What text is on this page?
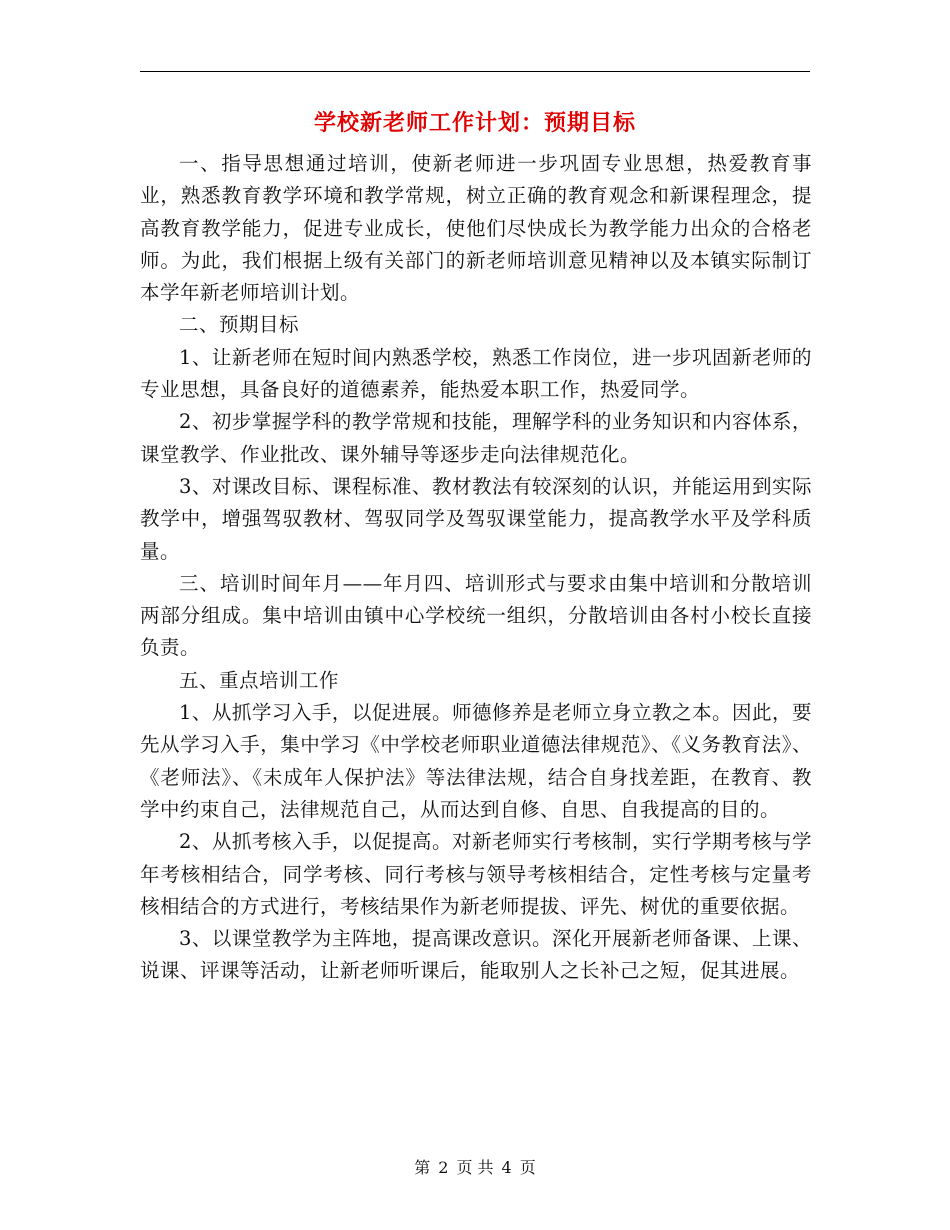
学校新老师工作计划：预期目标

一、指导思想通过培训，使新老师进一步巩固专业思想，热爱教育事业，熟悉教育教学环境和教学常规，树立正确的教育观念和新课程理念，提高教育教学能力，促进专业成长，使他们尽快成长为教学能力出众的合格老师。为此，我们根据上级有关部门的新老师培训意见精神以及本镇实际制订本学年新老师培训计划。

二、预期目标

1、让新老师在短时间内熟悉学校，熟悉工作岗位，进一步巩固新老师的专业思想，具备良好的道德素养，能热爱本职工作，热爱同学。

2、初步掌握学科的教学常规和技能，理解学科的业务知识和内容体系，课堂教学、作业批改、课外辅导等逐步走向法律规范化。

3、对课改目标、课程标准、教材教法有较深刻的认识，并能运用到实际教学中，增强驾驭教材、驾驭同学及驾驭课堂能力，提高教学水平及学科质量。

三、培训时间年月——年月四、培训形式与要求由集中培训和分散培训两部分组成。集中培训由镇中心学校统一组织，分散培训由各村小校长直接负责。

五、重点培训工作

1、从抓学习入手，以促进展。师德修养是老师立身立教之本。因此，要先从学习入手，集中学习《中学校老师职业道德法律规范》、《义务教育法》、《老师法》、《未成年人保护法》等法律法规，结合自身找差距，在教育、教学中约束自己，法律规范自己，从而达到自修、自思、自我提高的目的。

2、从抓考核入手，以促提高。对新老师实行考核制，实行学期考核与学年考核相结合，同学考核、同行考核与领导考核相结合，定性考核与定量考核相结合的方式进行，考核结果作为新老师提拔、评先、树优的重要依据。

3、以课堂教学为主阵地，提高课改意识。深化开展新老师备课、上课、说课、评课等活动，让新老师听课后，能取别人之长补己之短，促其进展。

第 2 页 共 4 页
